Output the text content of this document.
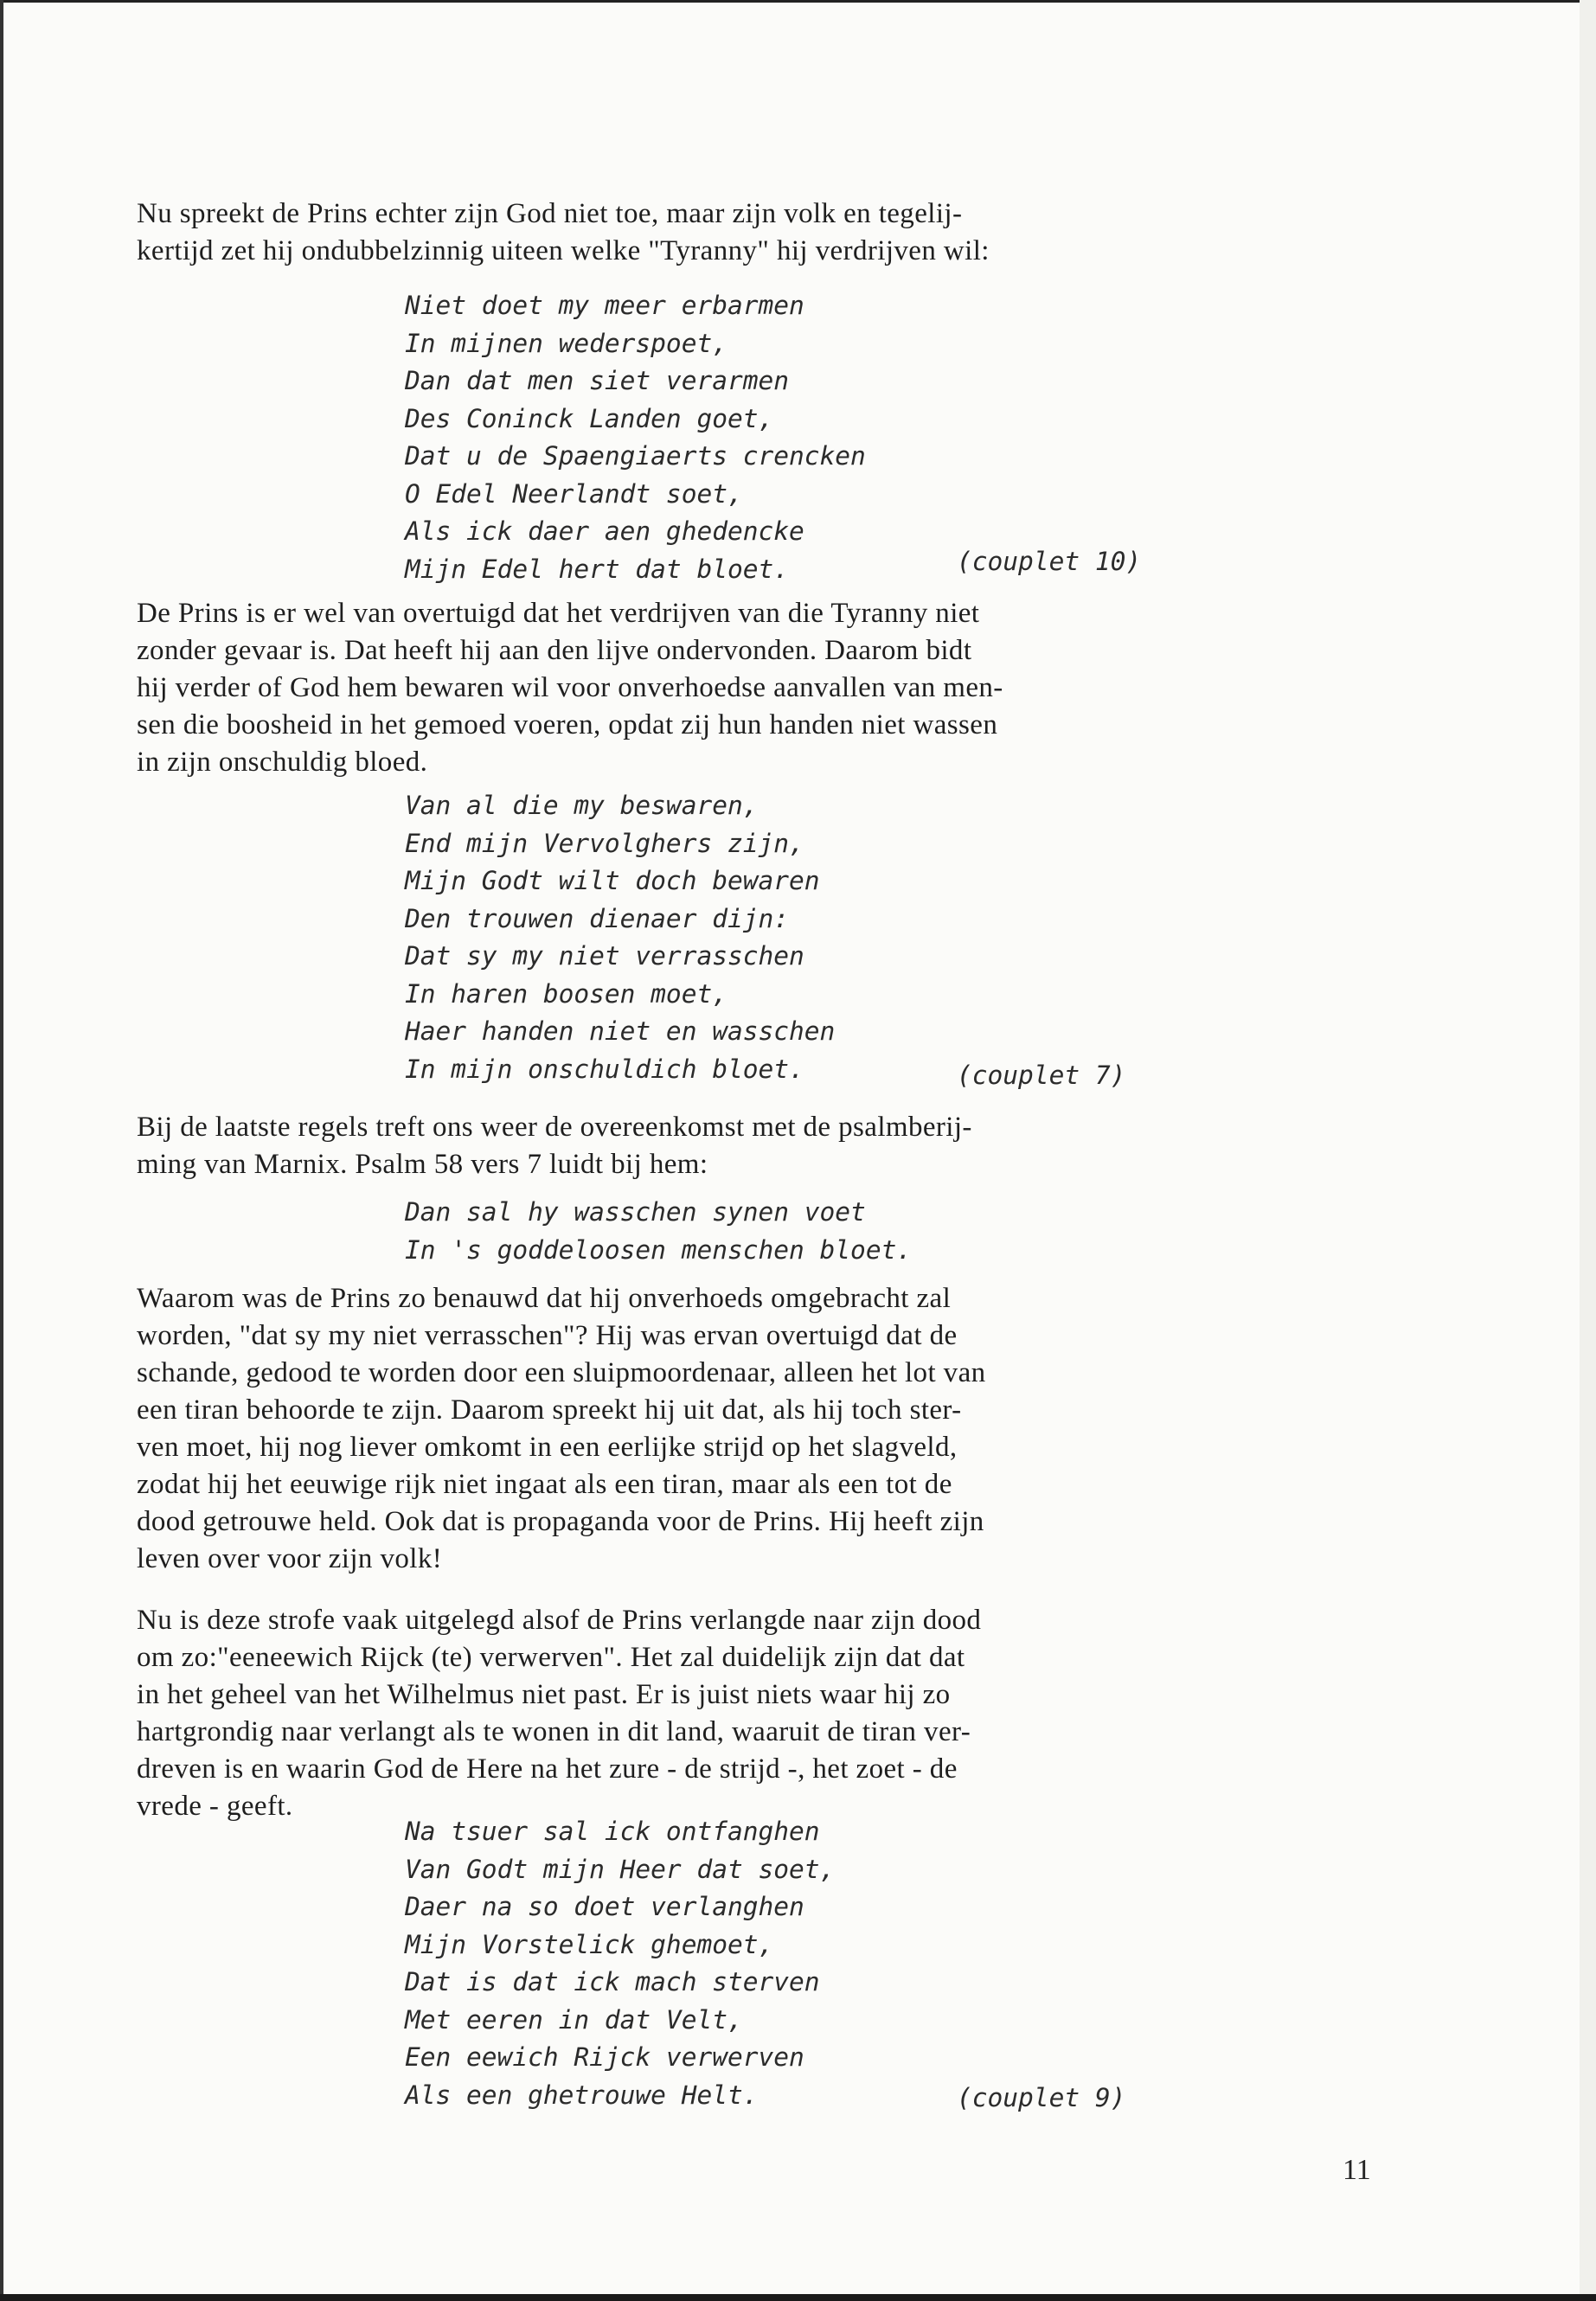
Nu spreekt de Prins echter zijn God niet toe, maar zijn volk en tegelij-
kertijd zet hij ondubbelzinnig uiteen welke "Tyranny" hij verdrijven wil:

Niet doet my meer erbarmen
In mijnen wederspoet,
Dan dat men siet verarmen
Des Coninck Landen goet,
Dat u de Spaengiaerts crencken
O Edel Neerlandt soet,
Als ick daer aen ghedencke
Mijn Edel hert dat bloet.	(couplet 10)

De Prins is er wel van overtuigd dat het verdrijven van die Tyranny niet
zonder gevaar is. Dat heeft hij aan den lijve ondervonden. Daarom bidt
hij verder of God hem bewaren wil voor onverhoedse aanvallen van men-
sen die boosheid in het gemoed voeren, opdat zij hun handen niet wassen
in zijn onschuldig bloed.

Van al die my beswaren,
End mijn Vervolghers zijn,
Mijn Godt wilt doch bewaren
Den trouwen dienaer dijn:
Dat sy my niet verrasschen
In haren boosen moet,
Haer handen niet en wasschen
In mijn onschuldich bloet.	(couplet 7)

Bij de laatste regels treft ons weer de overeenkomst met de psalmberij-
ming van Marnix. Psalm 58 vers 7 luidt bij hem:

Dan sal hy wasschen synen voet
In 's goddeloosen menschen bloet.

Waarom was de Prins zo benauwd dat hij onverhoeds omgebracht zal
worden, "dat sy my niet verrasschen"? Hij was ervan overtuigd dat de
schande, gedood te worden door een sluipmoordenaar, alleen het lot van
een tiran behoorde te zijn. Daarom spreekt hij uit dat, als hij toch ster-
ven moet, hij nog liever omkomt in een eerlijke strijd op het slagveld,
zodat hij het eeuwige rijk niet ingaat als een tiran, maar als een tot de
dood getrouwe held. Ook dat is propaganda voor de Prins. Hij heeft zijn
leven over voor zijn volk!

Nu is deze strofe vaak uitgelegd alsof de Prins verlangde naar zijn dood
om zo:"eeneewich Rijck (te) verwerven". Het zal duidelijk zijn dat dat
in het geheel van het Wilhelmus niet past. Er is juist niets waar hij zo
hartgrondig naar verlangt als te wonen in dit land, waaruit de tiran ver-
dreven is en waarin God de Here na het zure - de strijd -, het zoet - de
vrede - geeft.

Na tsuer sal ick ontfanghen
Van Godt mijn Heer dat soet,
Daer na so doet verlanghen
Mijn Vorstelick ghemoet,
Dat is dat ick mach sterven
Met eeren in dat Velt,
Een eewich Rijck verwerven
Als een ghetrouwe Helt.	(couplet 9)
11
